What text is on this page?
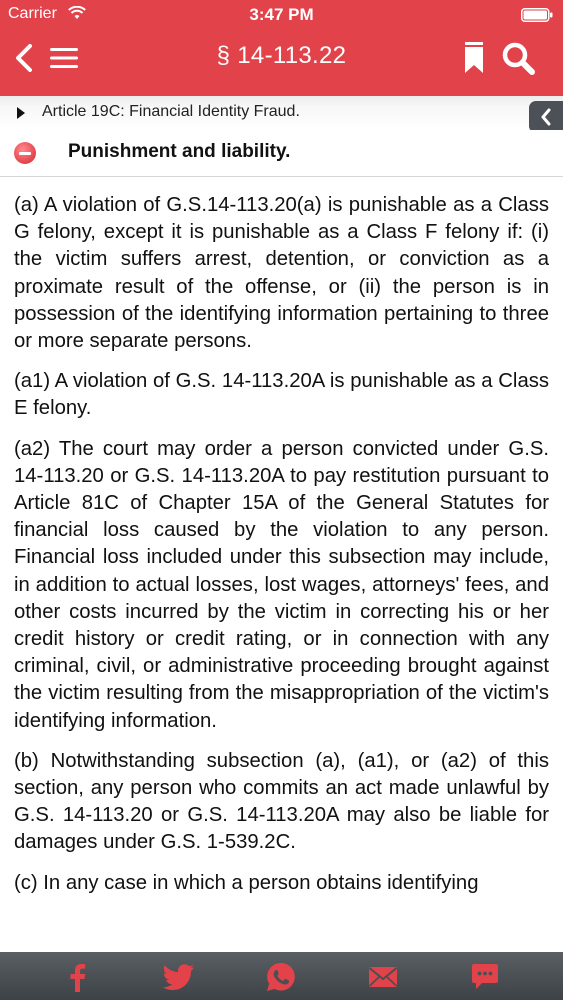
Carrier	3:47 PM
§ 14-113.22
Article 19C: Financial Identity Fraud.
Punishment and liability.

(a) A violation of G.S.14-113.20(a) is punishable as a Class G felony, except it is punishable as a Class F felony if: (i) the victim suffers arrest, detention, or conviction as a proximate result of the offense, or (ii) the person is in possession of the identifying information pertaining to three or more separate persons.

(a1) A violation of G.S. 14-113.20A is punishable as a Class E felony.

(a2) The court may order a person convicted under G.S. 14-113.20 or G.S. 14-113.20A to pay restitution pursuant to Article 81C of Chapter 15A of the General Statutes for financial loss caused by the violation to any person. Financial loss included under this subsection may include, in addition to actual losses, lost wages, attorneys' fees, and other costs incurred by the victim in correcting his or her credit history or credit rating, or in connection with any criminal, civil, or administrative proceeding brought against the victim resulting from the misappropriation of the victim's identifying information.

(b) Notwithstanding subsection (a), (a1), or (a2) of this section, any person who commits an act made unlawful by G.S. 14-113.20 or G.S. 14-113.20A may also be liable for damages under G.S. 1-539.2C.

(c) In any case in which a person obtains identifying
